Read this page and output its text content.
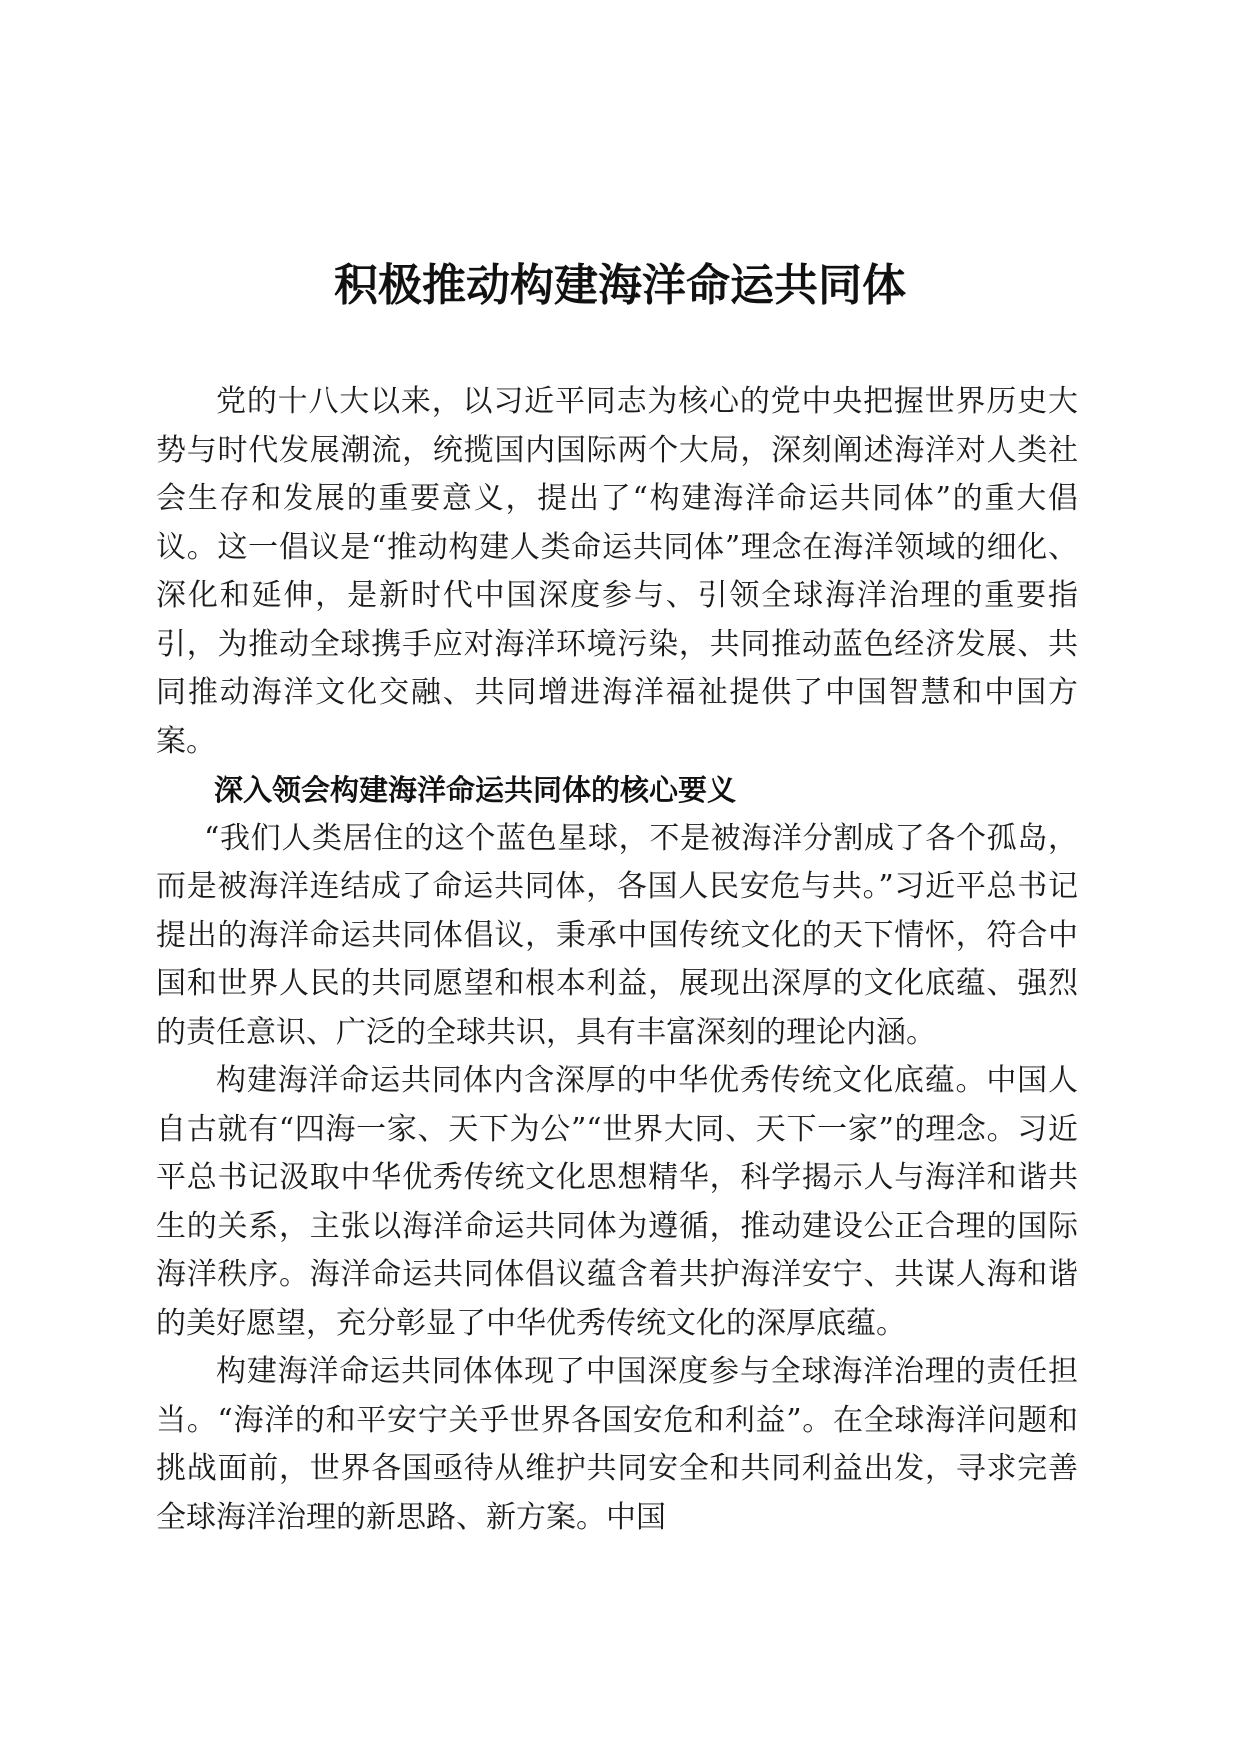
积极推动构建海洋命运共同体

党的十八大以来，以习近平同志为核心的党中央把握世界历史大势与时代发展潮流，统揽国内国际两个大局，深刻阐述海洋对人类社会生存和发展的重要意义，提出了“构建海洋命运共同体”的重大倡议。这一倡议是“推动构建人类命运共同体”理念在海洋领域的细化、深化和延伸，是新时代中国深度参与、引领全球海洋治理的重要指引，为推动全球携手应对海洋环境污染，共同推动蓝色经济发展、共同推动海洋文化交融、共同增进海洋福祉提供了中国智慧和中国方案。

深入领会构建海洋命运共同体的核心要义

“我们人类居住的这个蓝色星球，不是被海洋分割成了各个孤岛，而是被海洋连结成了命运共同体，各国人民安危与共。”习近平总书记提出的海洋命运共同体倡议，秉承中国传统文化的天下情怀，符合中国和世界人民的共同愿望和根本利益，展现出深厚的文化底蕴、强烈的责任意识、广泛的全球共识，具有丰富深刻的理论内涵。

构建海洋命运共同体内含深厚的中华优秀传统文化底蕴。中国人自古就有“四海一家、天下为公”“世界大同、天下一家”的理念。习近平总书记汲取中华优秀传统文化思想精华，科学揭示人与海洋和谐共生的关系，主张以海洋命运共同体为遵循，推动建设公正合理的国际海洋秩序。海洋命运共同体倡议蕴含着共护海洋安宁、共谋人海和谐的美好愿望，充分彰显了中华优秀传统文化的深厚底蕴。

构建海洋命运共同体体现了中国深度参与全球海洋治理的责任担当。“海洋的和平安宁关乎世界各国安危和利益”。在全球海洋问题和挑战面前，世界各国亟待从维护共同安全和共同利益出发，寻求完善全球海洋治理的新思路、新方案。中国
